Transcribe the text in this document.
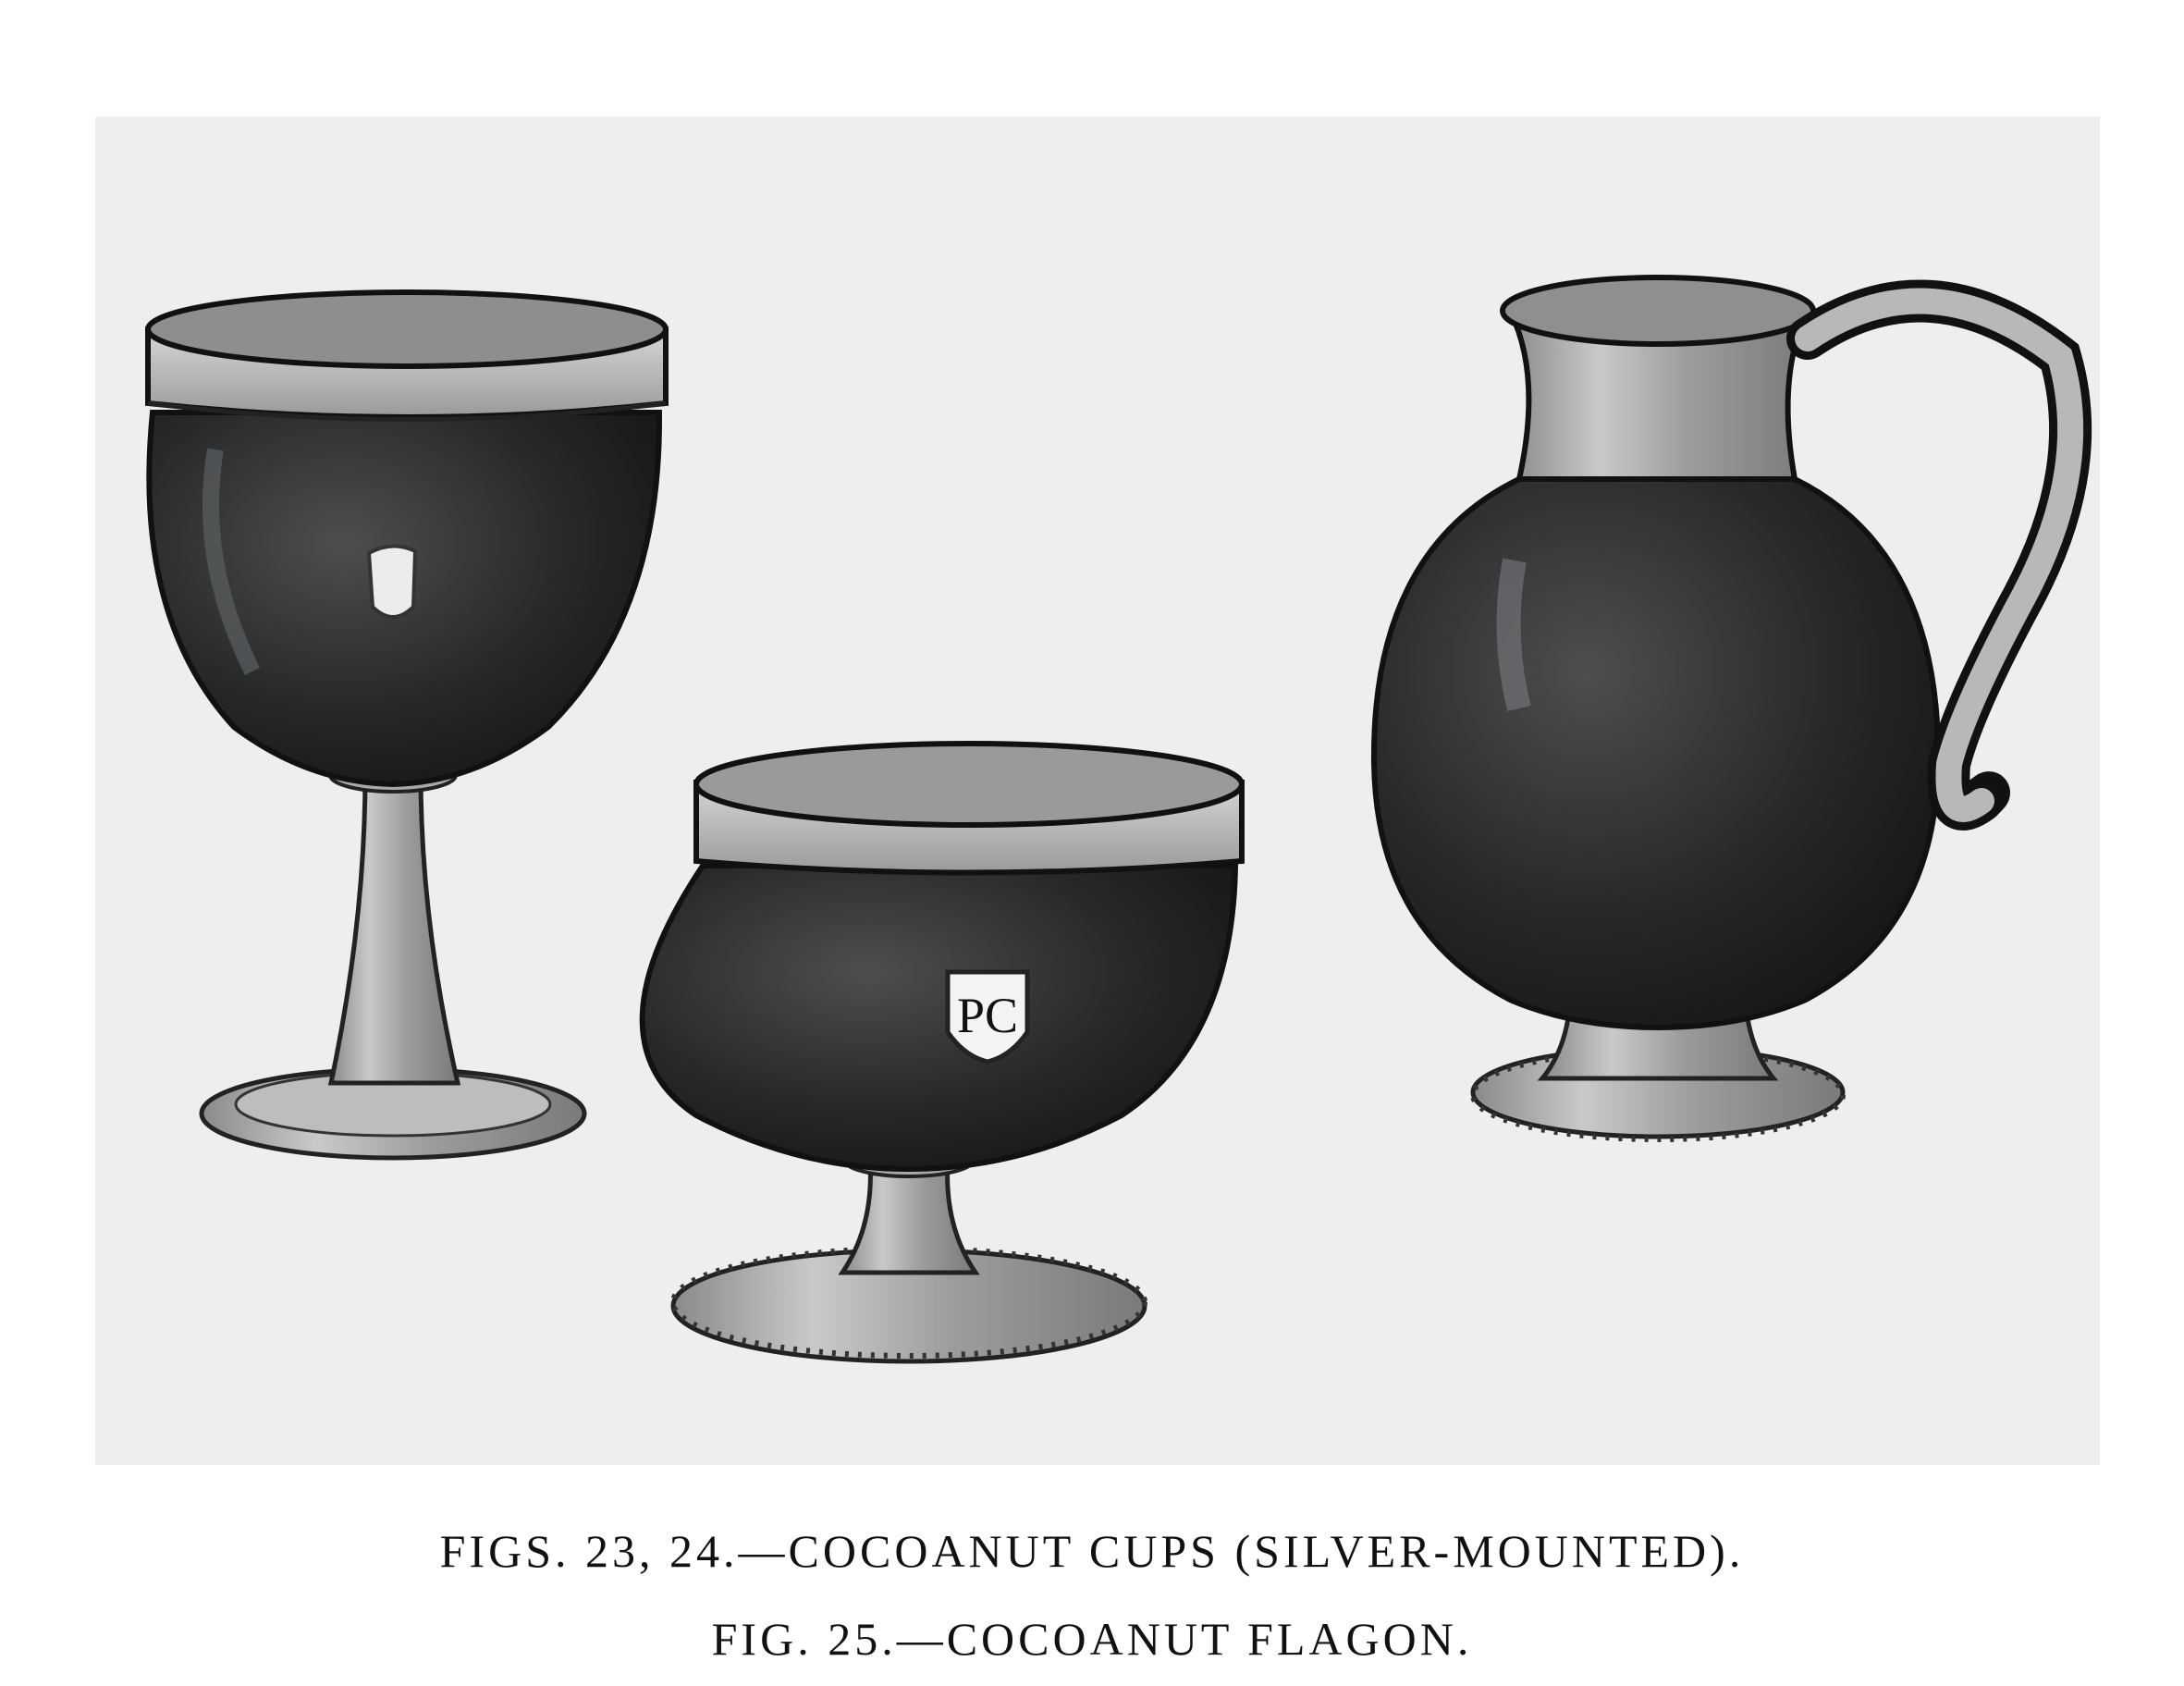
PC
FIGS. 23, 24.—COCOANUT CUPS (SILVER-MOUNTED).
FIG. 25.—COCOANUT FLAGON.
